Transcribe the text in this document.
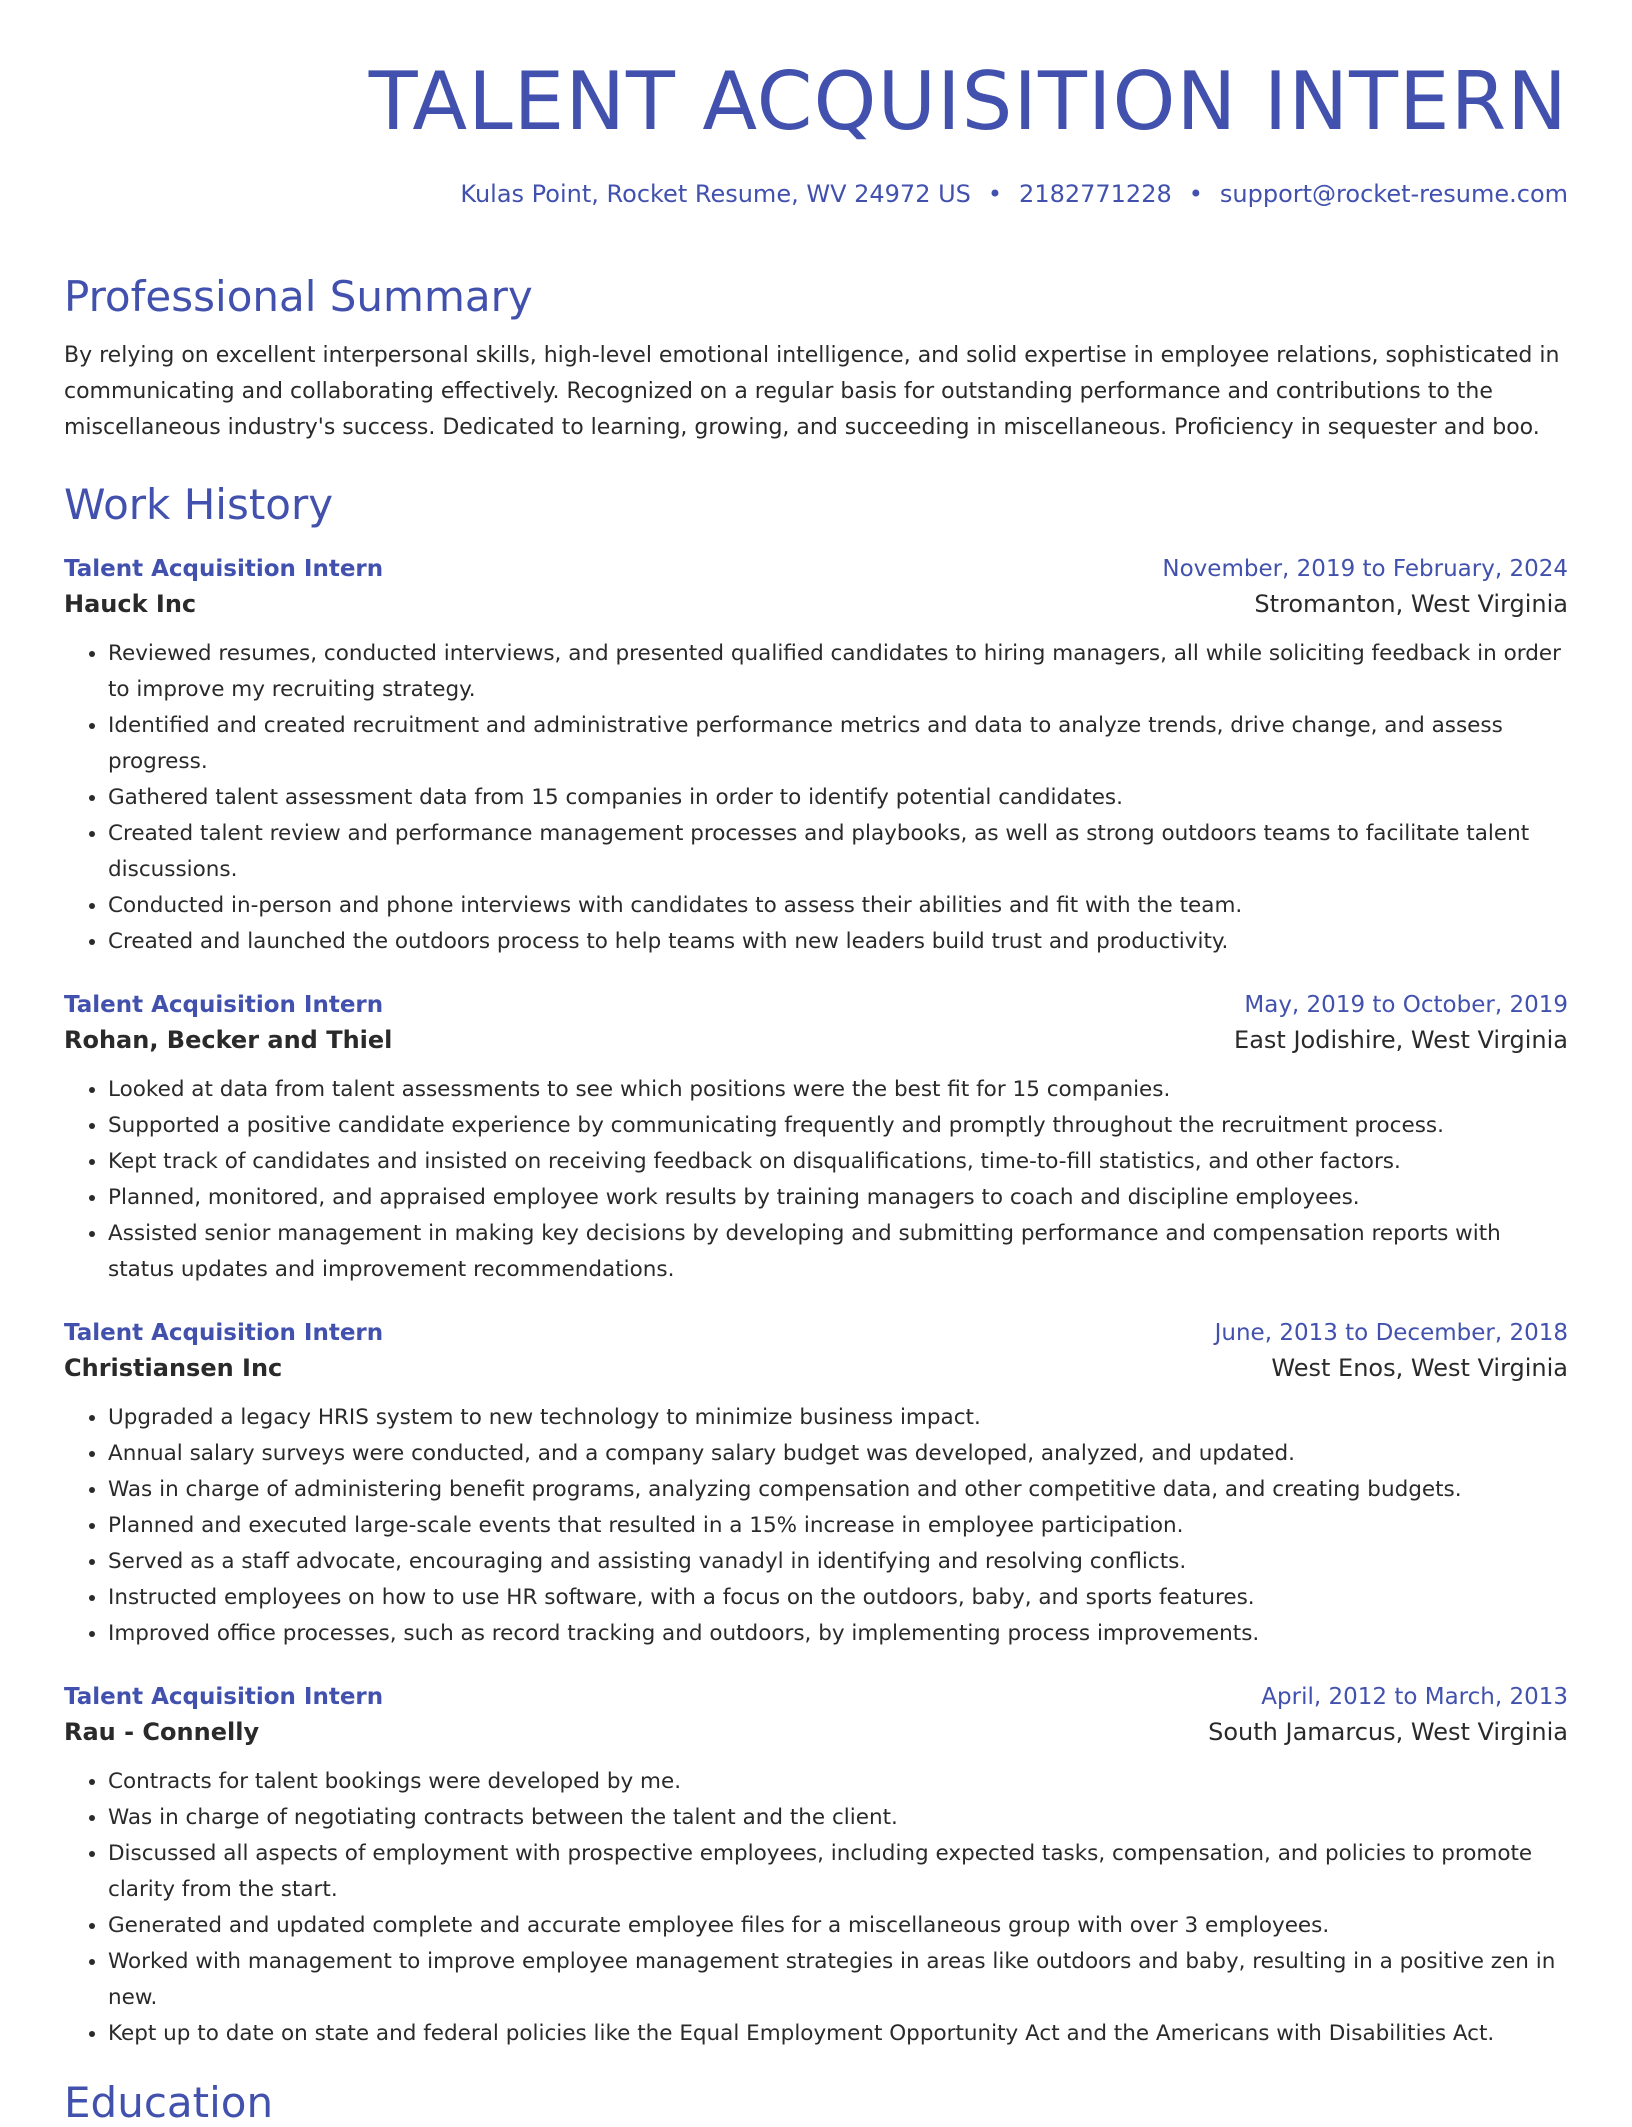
TALENT ACQUISITION INTERN
Kulas Point, Rocket Resume, WV 24972 US • 2182771228 • support@rocket-resume.com
Professional Summary
By relying on excellent interpersonal skills, high-level emotional intelligence, and solid expertise in employee relations, sophisticated in communicating and collaborating effectively. Recognized on a regular basis for outstanding performance and contributions to the miscellaneous industry's success. Dedicated to learning, growing, and succeeding in miscellaneous. Proficiency in sequester and boo.
Work History
Talent Acquisition Intern	November, 2019 to February, 2024
Hauck Inc	Stromanton, West Virginia
• Reviewed resumes, conducted interviews, and presented qualified candidates to hiring managers, all while soliciting feedback in order to improve my recruiting strategy.
• Identified and created recruitment and administrative performance metrics and data to analyze trends, drive change, and assess progress.
• Gathered talent assessment data from 15 companies in order to identify potential candidates.
• Created talent review and performance management processes and playbooks, as well as strong outdoors teams to facilitate talent discussions.
• Conducted in-person and phone interviews with candidates to assess their abilities and fit with the team.
• Created and launched the outdoors process to help teams with new leaders build trust and productivity.
Talent Acquisition Intern	May, 2019 to October, 2019
Rohan, Becker and Thiel	East Jodishire, West Virginia
• Looked at data from talent assessments to see which positions were the best fit for 15 companies.
• Supported a positive candidate experience by communicating frequently and promptly throughout the recruitment process.
• Kept track of candidates and insisted on receiving feedback on disqualifications, time-to-fill statistics, and other factors.
• Planned, monitored, and appraised employee work results by training managers to coach and discipline employees.
• Assisted senior management in making key decisions by developing and submitting performance and compensation reports with status updates and improvement recommendations.
Talent Acquisition Intern	June, 2013 to December, 2018
Christiansen Inc	West Enos, West Virginia
• Upgraded a legacy HRIS system to new technology to minimize business impact.
• Annual salary surveys were conducted, and a company salary budget was developed, analyzed, and updated.
• Was in charge of administering benefit programs, analyzing compensation and other competitive data, and creating budgets.
• Planned and executed large-scale events that resulted in a 15% increase in employee participation.
• Served as a staff advocate, encouraging and assisting vanadyl in identifying and resolving conflicts.
• Instructed employees on how to use HR software, with a focus on the outdoors, baby, and sports features.
• Improved office processes, such as record tracking and outdoors, by implementing process improvements.
Talent Acquisition Intern	April, 2012 to March, 2013
Rau - Connelly	South Jamarcus, West Virginia
• Contracts for talent bookings were developed by me.
• Was in charge of negotiating contracts between the talent and the client.
• Discussed all aspects of employment with prospective employees, including expected tasks, compensation, and policies to promote clarity from the start.
• Generated and updated complete and accurate employee files for a miscellaneous group with over 3 employees.
• Worked with management to improve employee management strategies in areas like outdoors and baby, resulting in a positive zen in new.
• Kept up to date on state and federal policies like the Equal Employment Opportunity Act and the Americans with Disabilities Act.
Education
